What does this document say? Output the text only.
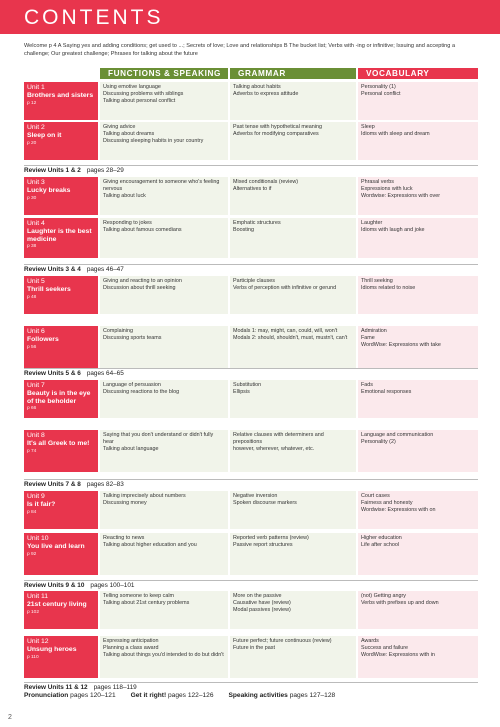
CONTENTS
Welcome p 4 A Saying yes and adding conditions; get used to ...; Secrets of love; Love and relationships B The bucket list; Verbs with -ing or infinitive; Issuing and accepting a challenge; Our greatest challenge; Phrases for talking about the future
FUNCTIONS & SPEAKING	GRAMMAR	VOCABULARY
Unit 1
Brothers and sisters
p 12
Using emotive language
Discussing problems with siblings
Talking about personal conflict
Talking about habits
Adverbs to express attitude
Personality (1)
Personal conflict
Unit 2
Sleep on it
p 20
Giving advice
Talking about dreams
Discussing sleeping habits in your country
Past tense with hypothetical meaning
Adverbs for modifying comparatives
Sleep
Idioms with sleep and dream
Unit 3
Lucky breaks
p 30
Giving encouragement to someone who's feeling nervous
Talking about luck
Mixed conditionals (review)
Alternatives to if
Phrasal verbs
Expressions with luck
Wordwise: Expressions with over
Unit 4
Laughter is the best medicine
p 38
Responding to jokes
Talking about famous comedians
Emphatic structures
Boosting
Laughter
Idioms with laugh and joke
Unit 5
Thrill seekers
p 48
Giving and reacting to an opinion
Discussion about thrill seeking
Participle clauses
Verbs of perception with infinitive or gerund
Thrill seeking
Idioms related to noise
Unit 6
Followers
p 56
Complaining
Discussing sports teams
Modals 1: may, might, can, could, will, won't
Modals 2: should, shouldn't, must, mustn't, can't
Admiration
Fame
WordWise: Expressions with take
Unit 7
Beauty is in the eye of the beholder
p 66
Language of persuasion
Discussing reactions to the blog
Substitution
Ellipsis
Fads
Emotional responses
Unit 8
It's all Greek to me!
p 74
Saying that you don't understand or didn't fully hear
Talking about language
Relative clauses with determiners and prepositions
however, wherever, whatever, etc.
Language and communication
Personality (2)
Unit 9
Is it fair?
p 84
Talking imprecisely about numbers
Discussing money
Negative inversion
Spoken discourse markers
Court cases
Fairness and honesty
Wordwise: Expressions with on
Unit 10
You live and learn
p 92
Reacting to news
Talking about higher education and you
Reported verb patterns (review)
Passive report structures
Higher education
Life after school
Unit 11
21st century living
p 102
Telling someone to keep calm
Talking about 21st century problems
More on the passive
Causative have (review)
Modal passives (review)
(not) Getting angry
Verbs with prefixes up and down
Unit 12
Unsung heroes
p 110
Expressing anticipation
Planning a class award
Talking about things you'd intended to do but didn't
Future perfect; future continuous (review)
Future in the past
Awards
Success and failure
WordWise: Expressions with in
Review Units 1 & 2 pages 28–29
Review Units 3 & 4 pages 46–47
Review Units 5 & 6 pages 64–65
Review Units 7 & 8 pages 82–83
Review Units 9 & 10 pages 100–101
Review Units 11 & 12 pages 118–119
Pronunciation pages 120–121 Get it right! pages 122–126 Speaking activities pages 127–128
2
